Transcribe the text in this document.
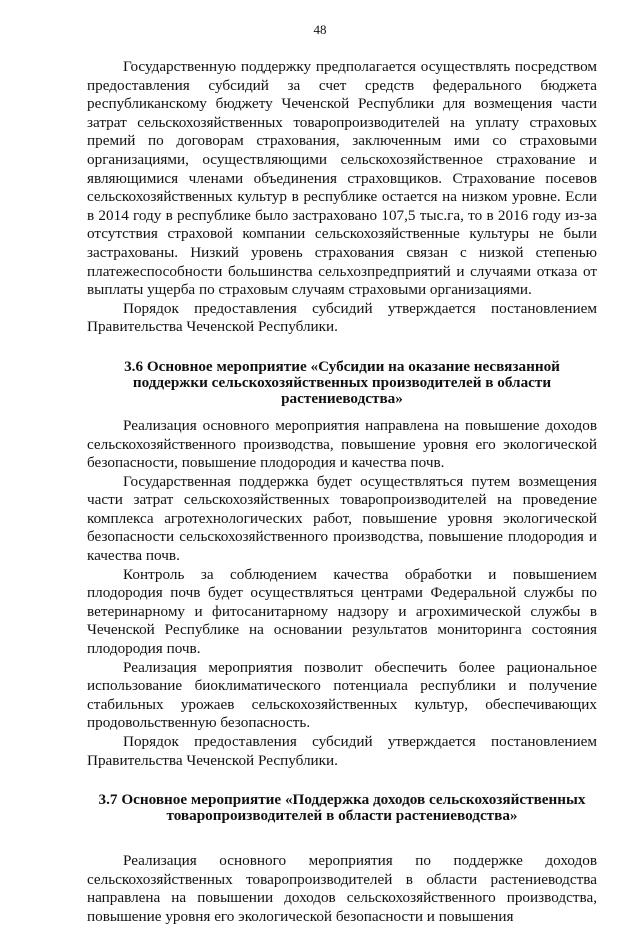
48

Государственную поддержку предполагается осуществлять посредством предоставления субсидий за счет средств федерального бюджета республиканскому бюджету Чеченской Республики для возмещения части затрат сельскохозяйственных товаропроизводителей на уплату страховых премий по договорам страхования, заключенным ими со страховыми организациями, осуществляющими сельскохозяйственное страхование и являющимися членами объединения страховщиков. Страхование посевов сельскохозяйственных культур в республике остается на низком уровне. Если в 2014 году в республике было застраховано 107,5 тыс.га, то в 2016 году из-за отсутствия страховой компании сельскохозяйственные культуры не были застрахованы. Низкий уровень страхования связан с низкой степенью платежеспособности большинства сельхозпредприятий и случаями отказа от выплаты ущерба по страховым случаям страховыми организациями.

Порядок предоставления субсидий утверждается постановлением Правительства Чеченской Республики.

3.6 Основное мероприятие «Субсидии на оказание несвязанной
поддержки сельскохозяйственных производителей в области
растениеводства»

Реализация основного мероприятия направлена на повышение доходов сельскохозяйственного производства, повышение уровня его экологической безопасности, повышение плодородия и качества почв.

Государственная поддержка будет осуществляться путем возмещения части затрат сельскохозяйственных товаропроизводителей на проведение комплекса агротехнологических работ, повышение уровня экологической безопасности сельскохозяйственного производства, повышение плодородия и качества почв.

Контроль за соблюдением качества обработки и повышением плодородия почв будет осуществляться центрами Федеральной службы по ветеринарному и фитосанитарному надзору и агрохимической службы в Чеченской Республике на основании результатов мониторинга состояния плодородия почв.

Реализация мероприятия позволит обеспечить более рациональное использование биоклиматического потенциала республики и получение стабильных урожаев сельскохозяйственных культур, обеспечивающих продовольственную безопасность.

Порядок предоставления субсидий утверждается постановлением Правительства Чеченской Республики.

3.7 Основное мероприятие «Поддержка доходов сельскохозяйственных
товаропроизводителей в области растениеводства»

Реализация основного мероприятия по поддержке доходов сельскохозяйственных товаропроизводителей в области растениеводства направлена на повышении доходов сельскохозяйственного производства, повышение уровня его экологической безопасности и повышения
